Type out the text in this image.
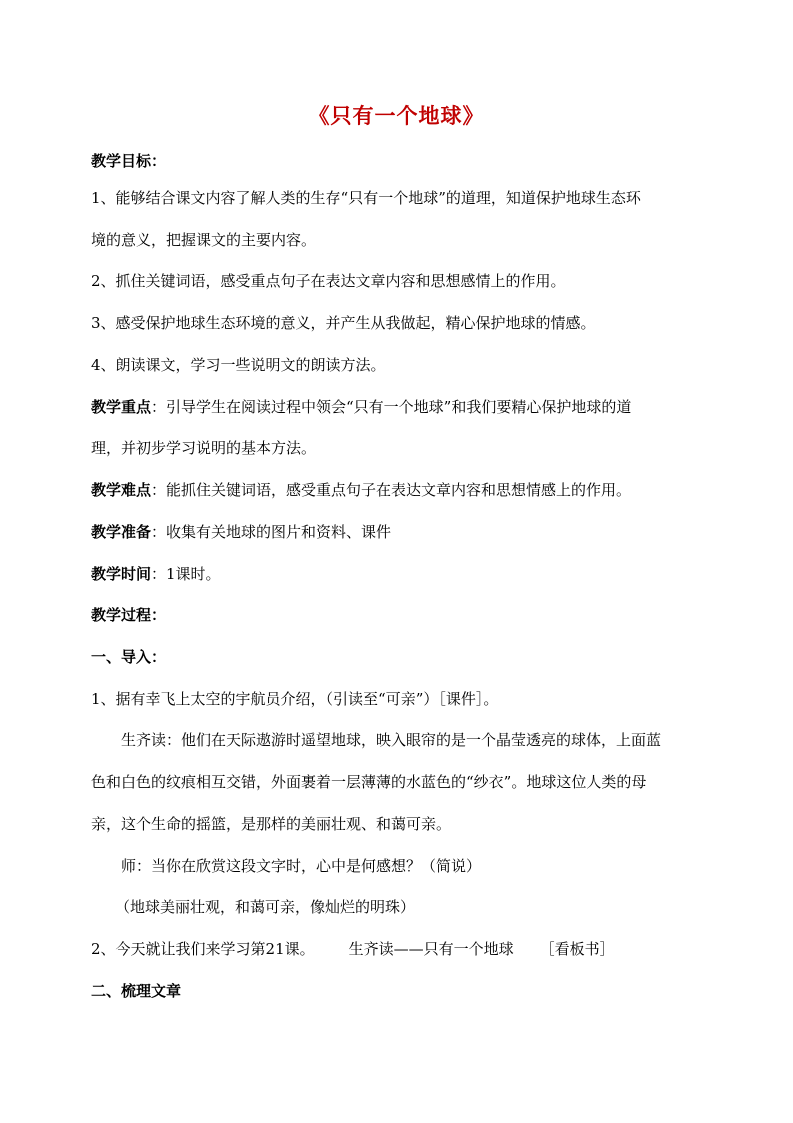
《只有一个地球》
教学目标：
1、能够结合课文内容了解人类的生存“只有一个地球”的道理，知道保护地球生态环
境的意义，把握课文的主要内容。
2、抓住关键词语，感受重点句子在表达文章内容和思想感情上的作用。
3、感受保护地球生态环境的意义，并产生从我做起，精心保护地球的情感。
4、朗读课文，学习一些说明文的朗读方法。
教学重点：引导学生在阅读过程中领会“只有一个地球”和我们要精心保护地球的道
理，并初步学习说明的基本方法。
教学难点：能抓住关键词语，感受重点句子在表达文章内容和思想情感上的作用。
教学准备：收集有关地球的图片和资料、课件
教学时间：1课时。
教学过程：
一、导入：
1、据有幸飞上太空的宇航员介绍，（引读至“可亲”）［课件］。
生齐读：他们在天际遨游时遥望地球，映入眼帘的是一个晶莹透亮的球体，上面蓝
色和白色的纹痕相互交错，外面裹着一层薄薄的水蓝色的“纱衣”。地球这位人类的母
亲，这个生命的摇篮，是那样的美丽壮观、和蔼可亲。
师：当你在欣赏这段文字时，心中是何感想？（简说）
（地球美丽壮观，和蔼可亲，像灿烂的明珠）
2、今天就让我们来学习第21课。 生齐读——只有一个地球 ［看板书］
二、梳理文章
